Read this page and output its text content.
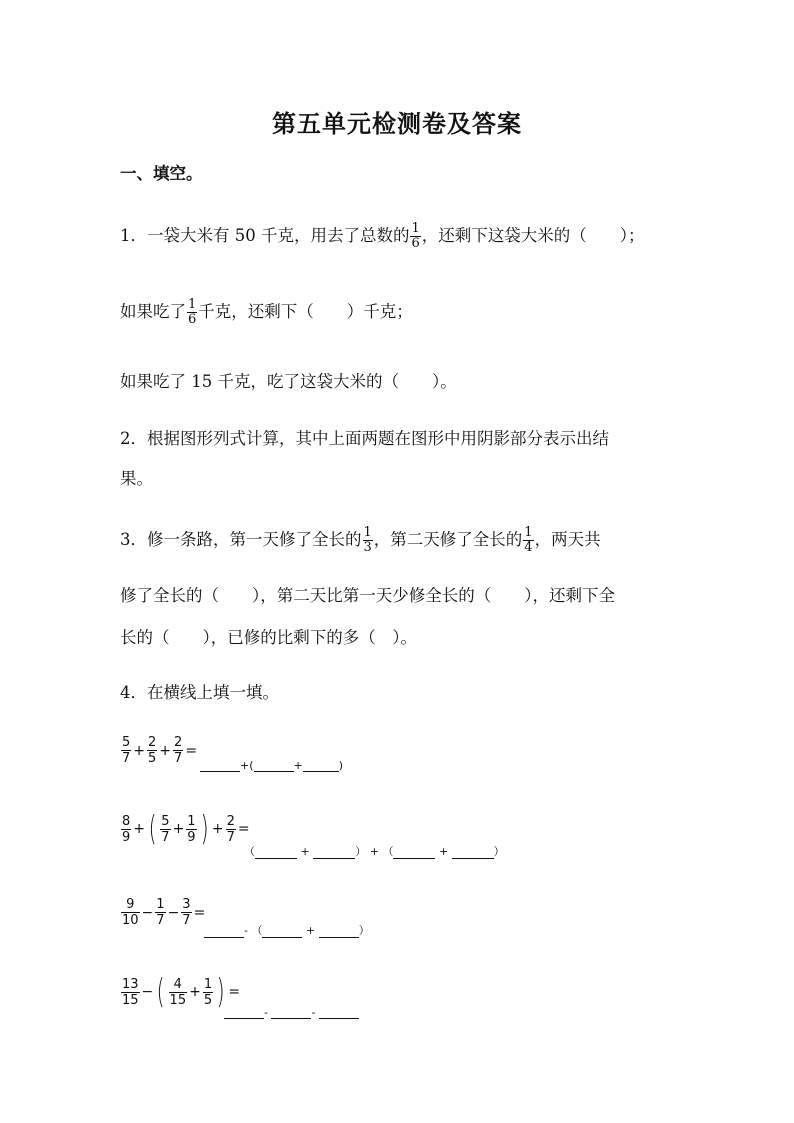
第五单元检测卷及答案
一、填空。
1．一袋大米有 50 千克，用去了总数的 $\frac{1}{6}$ ，还剩下这袋大米的（　　）；
如果吃了 $\frac{1}{6}$ 千克，还剩下（　　）千克；
如果吃了 15 千克，吃了这袋大米的（　　）。
2．根据图形列式计算，其中上面两题在图形中用阴影部分表示出结
果。
3．修一条路，第一天修了全长的 $\frac{1}{3}$ ，第二天修了全长的 $\frac{1}{4}$ ，两天共
修了全长的（　　），第二天比第一天少修全长的（　　），还剩下全
长的（　　），已修的比剩下的多（　）。
4．在横线上填一填。
$\frac{5}{7} + \frac{2}{5} + \frac{2}{7}$ =
+(	+	)
$\frac{8}{9}$ + ( $\frac{5}{7} + \frac{1}{9}$ ) + $\frac{2}{7}$ =
（	+	） + （	+	）
$\frac{9}{10} - \frac{1}{7} - \frac{3}{7}$ =
- （	+	）
$\frac{13}{15}$ − ( $\frac{4}{15} + \frac{1}{5}$ ) =
-	-
